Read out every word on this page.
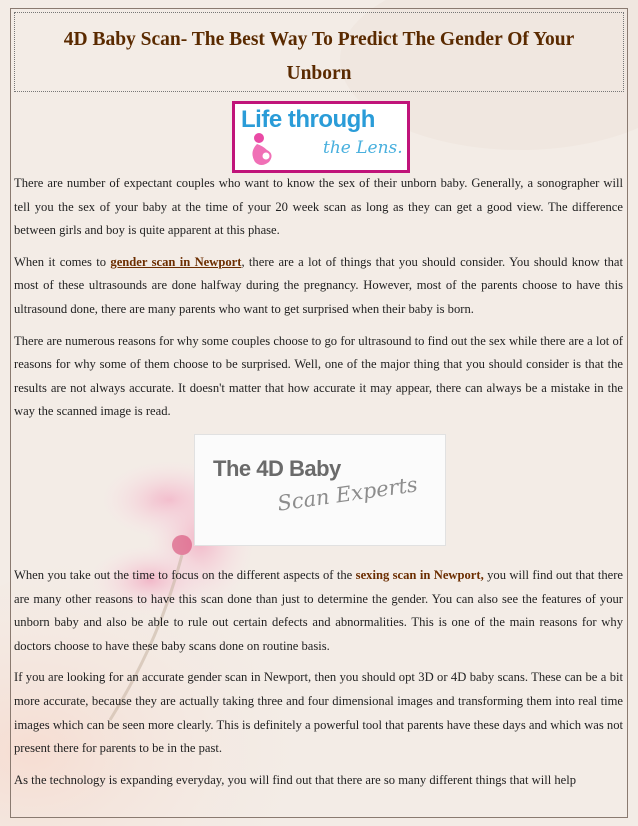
4D Baby Scan- The Best Way To Predict The Gender Of Your Unborn
Life through
the Lens.

There are number of expectant couples who want to know the sex of their unborn baby. Generally, a sonographer will tell you the sex of your baby at the time of your 20 week scan as long as they can get a good view. The difference between girls and boy is quite apparent at this phase.

When it comes to gender scan in Newport, there are a lot of things that you should consider. You should know that most of these ultrasounds are done halfway during the pregnancy. However, most of the parents choose to have this ultrasound done, there are many parents who want to get surprised when their baby is born.

There are numerous reasons for why some couples choose to go for ultrasound to find out the sex while there are a lot of reasons for why some of them choose to be surprised. Well, one of the major thing that you should consider is that the results are not always accurate. It doesn't matter that how accurate it may appear, there can always be a mistake in the way the scanned image is read.

The 4D Baby
Scan Experts

When you take out the time to focus on the different aspects of the sexing scan in Newport, you will find out that there are many other reasons to have this scan done than just to determine the gender. You can also see the features of your unborn baby and also be able to rule out certain defects and abnormalities. This is one of the main reasons for why doctors choose to have these baby scans done on routine basis.

If you are looking for an accurate gender scan in Newport, then you should opt 3D or 4D baby scans. These can be a bit more accurate, because they are actually taking three and four dimensional images and transforming them into real time images which can be seen more clearly. This is definitely a powerful tool that parents have these days and which was not present there for parents to be in the past.

As the technology is expanding everyday, you will find out that there are so many different things that will help
